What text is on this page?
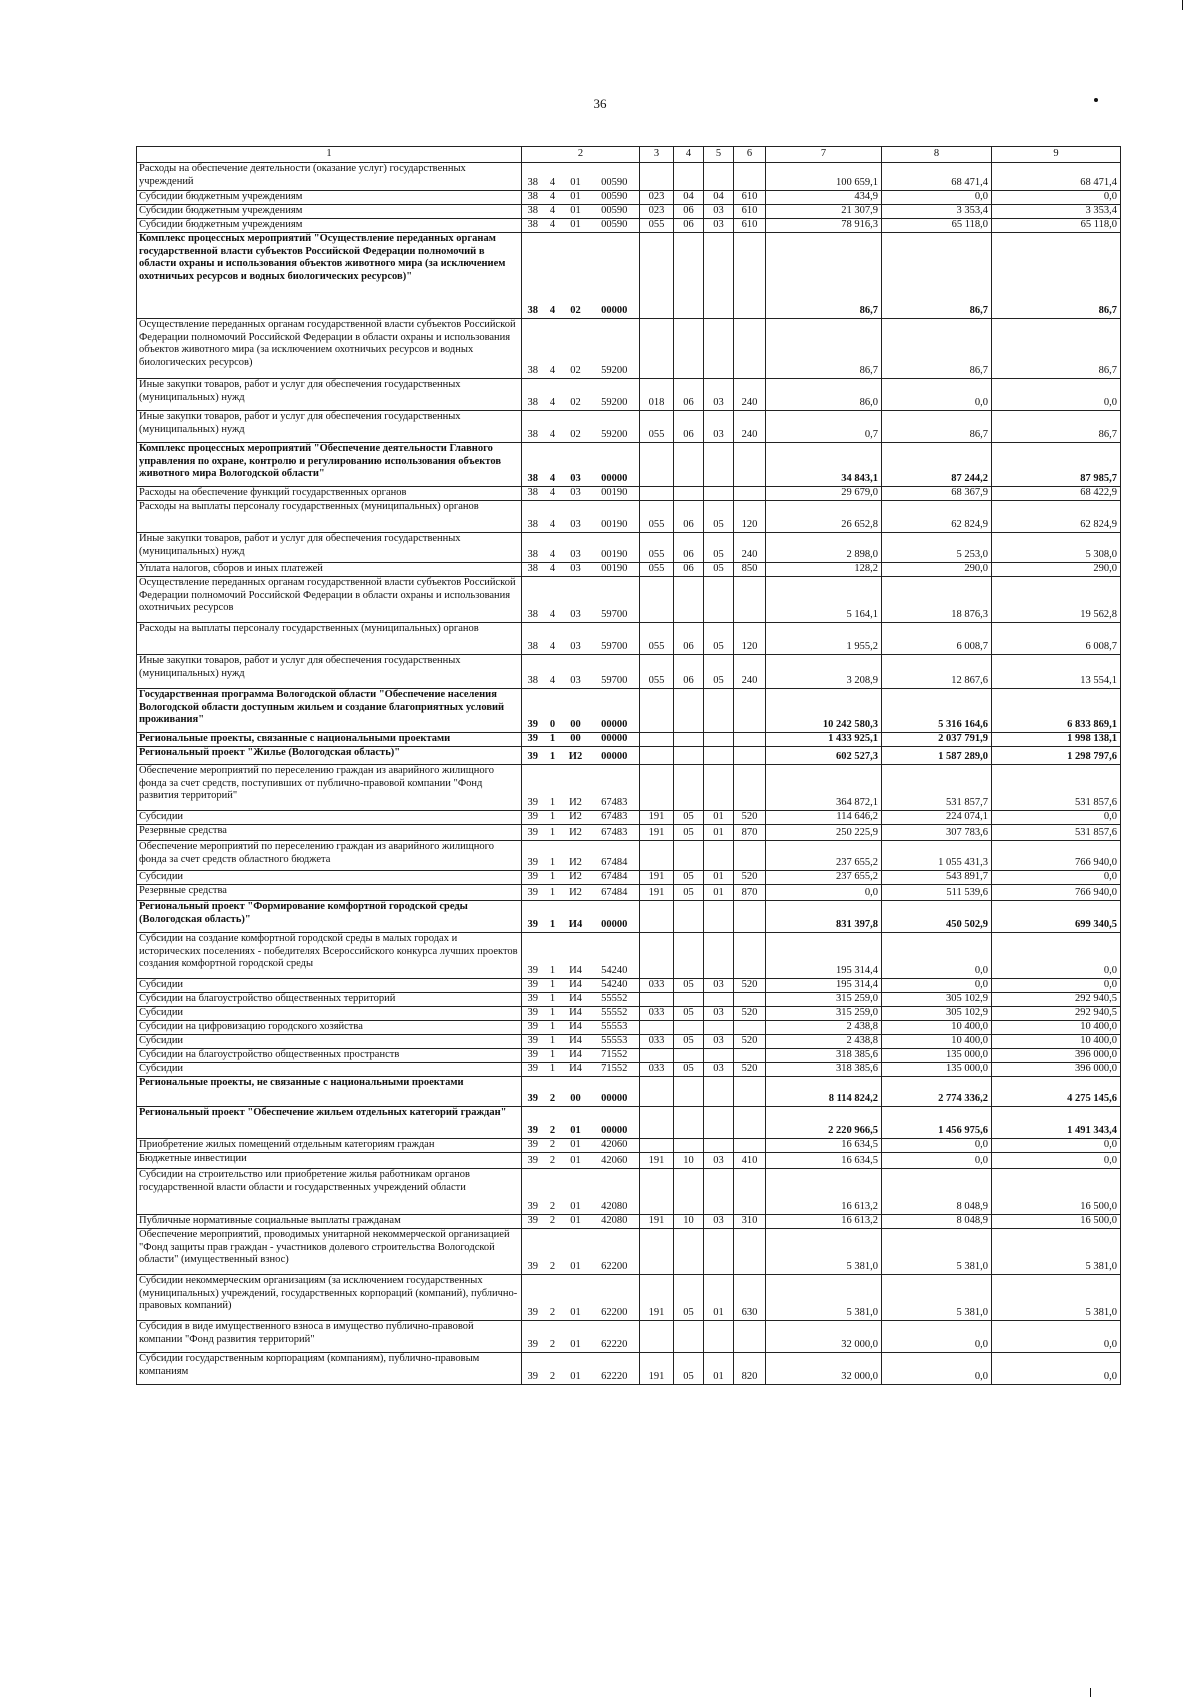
36
1	2				3	4	5	6	7	8	9
Расходы на обеспечение деятельности (оказание услуг) государственных учреждений	38	4	01	00590					100 659,1	68 471,4	68 471,4
Субсидии бюджетным учреждениям	38	4	01	00590	023	04	04	610	434,9	0,0	0,0
Субсидии бюджетным учреждениям	38	4	01	00590	023	06	03	610	21 307,9	3 353,4	3 353,4
Субсидии бюджетным учреждениям	38	4	01	00590	055	06	03	610	78 916,3	65 118,0	65 118,0
Комплекс процессных мероприятий "Осуществление переданных органам государственной власти субъектов Российской Федерации полномочий в области охраны и использования объектов животного мира (за исключением охотничьих ресурсов и водных биологических ресурсов)"	38	4	02	00000					86,7	86,7	86,7
Осуществление переданных органам государственной власти субъектов Российской Федерации полномочий Российской Федерации в области охраны и использования объектов животного мира (за исключением охотничьих ресурсов и водных биологических ресурсов)	38	4	02	59200					86,7	86,7	86,7
Иные закупки товаров, работ и услуг для обеспечения государственных (муниципальных) нужд	38	4	02	59200	018	06	03	240	86,0	0,0	0,0
Иные закупки товаров, работ и услуг для обеспечения государственных (муниципальных) нужд	38	4	02	59200	055	06	03	240	0,7	86,7	86,7
Комплекс процессных мероприятий "Обеспечение деятельности Главного управления по охране, контролю и регулированию использования объектов животного мира Вологодской области"	38	4	03	00000					34 843,1	87 244,2	87 985,7
Расходы на обеспечение функций государственных органов	38	4	03	00190					29 679,0	68 367,9	68 422,9
Расходы на выплаты персоналу государственных (муниципальных) органов	38	4	03	00190	055	06	05	120	26 652,8	62 824,9	62 824,9
Иные закупки товаров, работ и услуг для обеспечения государственных (муниципальных) нужд	38	4	03	00190	055	06	05	240	2 898,0	5 253,0	5 308,0
Уплата налогов, сборов и иных платежей	38	4	03	00190	055	06	05	850	128,2	290,0	290,0
Осуществление переданных органам государственной власти субъектов Российской Федерации полномочий Российской Федерации в области охраны и использования охотничьих ресурсов	38	4	03	59700					5 164,1	18 876,3	19 562,8
Расходы на выплаты персоналу государственных (муниципальных) органов	38	4	03	59700	055	06	05	120	1 955,2	6 008,7	6 008,7
Иные закупки товаров, работ и услуг для обеспечения государственных (муниципальных) нужд	38	4	03	59700	055	06	05	240	3 208,9	12 867,6	13 554,1
Государственная программа Вологодской области "Обеспечение населения Вологодской области доступным жильем и создание благоприятных условий проживания"	39	0	00	00000					10 242 580,3	5 316 164,6	6 833 869,1
Региональные проекты, связанные с национальными проектами	39	1	00	00000					1 433 925,1	2 037 791,9	1 998 138,1
Региональный проект "Жилье (Вологодская область)"	39	1	И2	00000					602 527,3	1 587 289,0	1 298 797,6
Обеспечение мероприятий по переселению граждан из аварийного жилищного фонда за счет средств, поступивших от публично-правовой компании "Фонд развития территорий"	39	1	И2	67483					364 872,1	531 857,7	531 857,6
Субсидии	39	1	И2	67483	191	05	01	520	114 646,2	224 074,1	0,0
Резервные средства	39	1	И2	67483	191	05	01	870	250 225,9	307 783,6	531 857,6
Обеспечение мероприятий по переселению граждан из аварийного жилищного фонда за счет средств областного бюджета	39	1	И2	67484					237 655,2	1 055 431,3	766 940,0
Субсидии	39	1	И2	67484	191	05	01	520	237 655,2	543 891,7	0,0
Резервные средства	39	1	И2	67484	191	05	01	870	0,0	511 539,6	766 940,0
Региональный проект "Формирование комфортной городской среды (Вологодская область)"	39	1	И4	00000					831 397,8	450 502,9	699 340,5
Субсидии на создание комфортной городской среды в малых городах и исторических поселениях - победителях Всероссийского конкурса лучших проектов создания комфортной городской среды	39	1	И4	54240					195 314,4	0,0	0,0
Субсидии	39	1	И4	54240	033	05	03	520	195 314,4	0,0	0,0
Субсидии на благоустройство общественных территорий	39	1	И4	55552					315 259,0	305 102,9	292 940,5
Субсидии	39	1	И4	55552	033	05	03	520	315 259,0	305 102,9	292 940,5
Субсидии на цифровизацию городского хозяйства	39	1	И4	55553					2 438,8	10 400,0	10 400,0
Субсидии	39	1	И4	55553	033	05	03	520	2 438,8	10 400,0	10 400,0
Субсидии на благоустройство общественных пространств	39	1	И4	71552					318 385,6	135 000,0	396 000,0
Субсидии	39	1	И4	71552	033	05	03	520	318 385,6	135 000,0	396 000,0
Региональные проекты, не связанные с национальными проектами	39	2	00	00000					8 114 824,2	2 774 336,2	4 275 145,6
Региональный проект "Обеспечение жильем отдельных категорий граждан"	39	2	01	00000					2 220 966,5	1 456 975,6	1 491 343,4
Приобретение жилых помещений отдельным категориям граждан	39	2	01	42060					16 634,5	0,0	0,0
Бюджетные инвестиции	39	2	01	42060	191	10	03	410	16 634,5	0,0	0,0
Субсидии на строительство или приобретение жилья работникам органов государственной власти области и государственных учреждений области	39	2	01	42080					16 613,2	8 048,9	16 500,0
Публичные нормативные социальные выплаты гражданам	39	2	01	42080	191	10	03	310	16 613,2	8 048,9	16 500,0
Обеспечение мероприятий, проводимых унитарной некоммерческой организацией "Фонд защиты прав граждан - участников долевого строительства Вологодской области" (имущественный взнос)	39	2	01	62200					5 381,0	5 381,0	5 381,0
Субсидии некоммерческим организациям (за исключением государственных (муниципальных) учреждений, государственных корпораций (компаний), публично-правовых компаний)	39	2	01	62200	191	05	01	630	5 381,0	5 381,0	5 381,0
Субсидия в виде имущественного взноса в имущество публично-правовой компании "Фонд развития территорий"	39	2	01	62220					32 000,0	0,0	0,0
Субсидии государственным корпорациям (компаниям), публично-правовым компаниям	39	2	01	62220	191	05	01	820	32 000,0	0,0	0,0
